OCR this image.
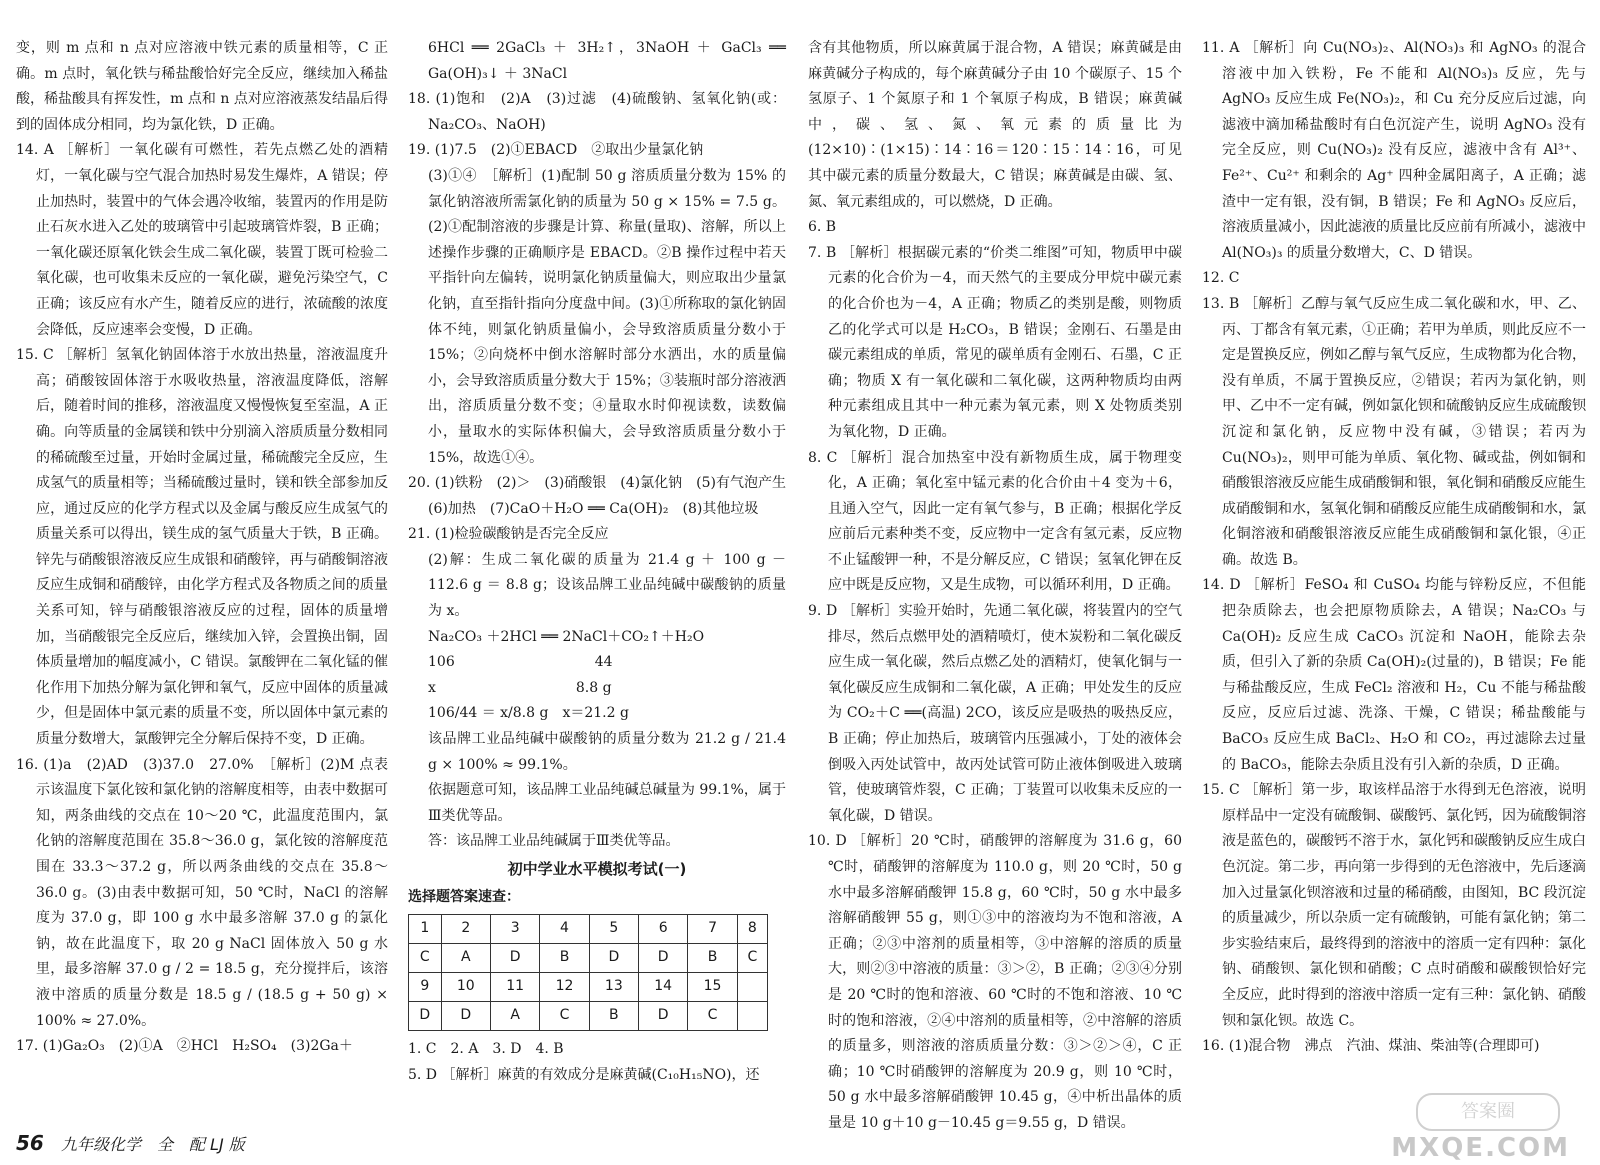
变，则 m 点和 n 点对应溶液中铁元素的质量相等，C 正确。m 点时，氧化铁与稀盐酸恰好完全反应，继续加入稀盐酸，稀盐酸具有挥发性，m 点和 n 点对应溶液蒸发结晶后得到的固体成分相同，均为氯化铁，D 正确。

14. A ［解析］一氧化碳有可燃性，若先点燃乙处的酒精灯，一氧化碳与空气混合加热时易发生爆炸，A 错误；停止加热时，装置中的气体会遇冷收缩，装置丙的作用是防止石灰水进入乙处的玻璃管中引起玻璃管炸裂，B 正确；一氧化碳还原氧化铁会生成二氧化碳，装置丁既可检验二氧化碳，也可收集未反应的一氧化碳，避免污染空气，C 正确；该反应有水产生，随着反应的进行，浓硫酸的浓度会降低，反应速率会变慢，D 正确。

15. C ［解析］氢氧化钠固体溶于水放出热量，溶液温度升高；硝酸铵固体溶于水吸收热量，溶液温度降低，溶解后，随着时间的推移，溶液温度又慢慢恢复至室温，A 正确。向等质量的金属镁和铁中分别滴入溶质质量分数相同的稀硫酸至过量，开始时金属过量，稀硫酸完全反应，生成氢气的质量相等；当稀硫酸过量时，镁和铁全部参加反应，通过反应的化学方程式以及金属与酸反应生成氢气的质量关系可以得出，镁生成的氢气质量大于铁，B 正确。锌先与硝酸银溶液反应生成银和硝酸锌，再与硝酸铜溶液反应生成铜和硝酸锌，由化学方程式及各物质之间的质量关系可知，锌与硝酸银溶液反应的过程，固体的质量增加，当硝酸银完全反应后，继续加入锌，会置换出铜，固体质量增加的幅度减小，C 错误。氯酸钾在二氧化锰的催化作用下加热分解为氯化钾和氧气，反应中固体的质量减少，但是固体中氯元素的质量不变，所以固体中氯元素的质量分数增大，氯酸钾完全分解后保持不变，D 正确。

16. (1)a　(2)AD　(3)37.0　27.0%　［解析］(2)M 点表示该温度下氯化铵和氯化钠的溶解度相等，由表中数据可知，两条曲线的交点在 10～20 ℃，此温度范围内，氯化钠的溶解度范围在 35.8～36.0 g，氯化铵的溶解度范围在 33.3～37.2 g，所以两条曲线的交点在 35.8～36.0 g。(3)由表中数据可知，50 ℃时，NaCl 的溶解度为 37.0 g，即 100 g 水中最多溶解 37.0 g 的氯化钠，故在此温度下，取 20 g NaCl 固体放入 50 g 水里，最多溶解 37.0 g / 2 = 18.5 g，充分搅拌后，该溶液中溶质的质量分数是 18.5 g / (18.5 g + 50 g) × 100% ≈ 27.0%。

17. (1)Ga₂O₃　(2)①A　②HCl　H₂SO₄　(3)2Ga＋

6HCl ══ 2GaCl₃ ＋ 3H₂↑，3NaOH ＋ GaCl₃ ══ Ga(OH)₃↓ ＋ 3NaCl

18. (1)饱和　(2)A　(3)过滤　(4)硫酸钠、氢氧化钠(或：Na₂CO₃、NaOH)

19. (1)7.5　(2)①EBACD　②取出少量氯化钠

(3)①④　［解析］(1)配制 50 g 溶质质量分数为 15% 的氯化钠溶液所需氯化钠的质量为 50 g × 15% = 7.5 g。(2)①配制溶液的步骤是计算、称量(量取)、溶解，所以上述操作步骤的正确顺序是 EBACD。②B 操作过程中若天平指针向左偏转，说明氯化钠质量偏大，则应取出少量氯化钠，直至指针指向分度盘中间。(3)①所称取的氯化钠固体不纯，则氯化钠质量偏小，会导致溶质质量分数小于 15%；②向烧杯中倒水溶解时部分水洒出，水的质量偏小，会导致溶质质量分数大于 15%；③装瓶时部分溶液洒出，溶质质量分数不变；④量取水时仰视读数，读数偏小，量取水的实际体积偏大，会导致溶质质量分数小于 15%，故选①④。

20. (1)铁粉　(2)＞　(3)硝酸银　(4)氯化钠　(5)有气泡产生　(6)加热　(7)CaO＋H₂O ══ Ca(OH)₂　(8)其他垃圾

21. (1)检验碳酸钠是否完全反应

(2)解：生成二氧化碳的质量为 21.4 g ＋ 100 g － 112.6 g ＝ 8.8 g；设该品牌工业品纯碱中碳酸钠的质量为 x。

Na₂CO₃ ＋2HCl ══ 2NaCl＋CO₂↑＋H₂O

106　　　　　　　　　　44

x　　　　　　　　　　8.8 g

106/44 ＝ x/8.8 g　x＝21.2 g

该品牌工业品纯碱中碳酸钠的质量分数为 21.2 g / 21.4 g × 100% ≈ 99.1%。

依据题意可知，该品牌工业品纯碱总碱量为 99.1%，属于Ⅲ类优等品。

答：该品牌工业品纯碱属于Ⅲ类优等品。

初中学业水平模拟考试(一)

选择题答案速查：

1	2	3	4	5	6	7	8
C	A	D	B	D	D	B	C
9	10	11	12	13	14	15	
D	D	A	C	B	D	C	

1. C　2. A　3. D　4. B

5. D ［解析］麻黄的有效成分是麻黄碱(C₁₀H₁₅NO)，还

含有其他物质，所以麻黄属于混合物，A 错误；麻黄碱是由麻黄碱分子构成的，每个麻黄碱分子由 10 个碳原子、15 个氢原子、1 个氮原子和 1 个氧原子构成，B 错误；麻黄碱中，碳、氢、氮、氧元素的质量比为(12×10)∶(1×15)∶14∶16＝120∶15∶14∶16，可见其中碳元素的质量分数最大，C 错误；麻黄碱是由碳、氢、氮、氧元素组成的，可以燃烧，D 正确。

6. B

7. B ［解析］根据碳元素的“价类二维图”可知，物质甲中碳元素的化合价为－4，而天然气的主要成分甲烷中碳元素的化合价也为－4，A 正确；物质乙的类别是酸，则物质乙的化学式可以是 H₂CO₃，B 错误；金刚石、石墨是由碳元素组成的单质，常见的碳单质有金刚石、石墨，C 正确；物质 X 有一氧化碳和二氧化碳，这两种物质均由两种元素组成且其中一种元素为氧元素，则 X 处物质类别为氧化物，D 正确。

8. C ［解析］混合加热室中没有新物质生成，属于物理变化，A 正确；氧化室中锰元素的化合价由＋4 变为＋6，且通入空气，因此一定有氧气参与，B 正确；根据化学反应前后元素种类不变，反应物中一定含有氢元素，反应物不止锰酸钾一种，不是分解反应，C 错误；氢氧化钾在反应中既是反应物，又是生成物，可以循环利用，D 正确。

9. D ［解析］实验开始时，先通二氧化碳，将装置内的空气排尽，然后点燃甲处的酒精喷灯，使木炭粉和二氧化碳反应生成一氧化碳，然后点燃乙处的酒精灯，使氧化铜与一氧化碳反应生成铜和二氧化碳，A 正确；甲处发生的反应为 CO₂＋C ══(高温) 2CO，该反应是吸热的吸热反应，B 正确；停止加热后，玻璃管内压强减小，丁处的液体会倒吸入丙处试管中，故丙处试管可防止液体倒吸进入玻璃管，使玻璃管炸裂，C 正确；丁装置可以收集未反应的一氧化碳，D 错误。

10. D ［解析］20 ℃时，硝酸钾的溶解度为 31.6 g，60 ℃时，硝酸钾的溶解度为 110.0 g，则 20 ℃时，50 g 水中最多溶解硝酸钾 15.8 g，60 ℃时，50 g 水中最多溶解硝酸钾 55 g，则①③中的溶液均为不饱和溶液，A 正确；②③中溶剂的质量相等，③中溶解的溶质的质量大，则②③中溶液的质量：③＞②，B 正确；②③④分别是 20 ℃时的饱和溶液、60 ℃时的不饱和溶液、10 ℃时的饱和溶液，②④中溶剂的质量相等，②中溶解的溶质的质量多，则溶液的溶质质量分数：③＞②＞④，C 正确；10 ℃时硝酸钾的溶解度为 20.9 g，则 10 ℃时，50 g 水中最多溶解硝酸钾 10.45 g，④中析出晶体的质量是 10 g＋10 g－10.45 g＝9.55 g，D 错误。

11. A ［解析］向 Cu(NO₃)₂、Al(NO₃)₃ 和 AgNO₃ 的混合溶液中加入铁粉，Fe 不能和 Al(NO₃)₃ 反应，先与 AgNO₃ 反应生成 Fe(NO₃)₂，和 Cu 充分反应后过滤，向滤液中滴加稀盐酸时有白色沉淀产生，说明 AgNO₃ 没有完全反应，则 Cu(NO₃)₂ 没有反应，滤液中含有 Al³⁺、Fe²⁺、Cu²⁺ 和剩余的 Ag⁺ 四种金属阳离子，A 正确；滤渣中一定有银，没有铜，B 错误；Fe 和 AgNO₃ 反应后，溶液质量减小，因此滤液的质量比反应前有所减小，滤液中 Al(NO₃)₃ 的质量分数增大，C、D 错误。

12. C

13. B ［解析］乙醇与氧气反应生成二氧化碳和水，甲、乙、丙、丁都含有氧元素，①正确；若甲为单质，则此反应不一定是置换反应，例如乙醇与氧气反应，生成物都为化合物，没有单质，不属于置换反应，②错误；若丙为氯化钠，则甲、乙中不一定有碱，例如氯化钡和硫酸钠反应生成硫酸钡沉淀和氯化钠，反应物中没有碱，③错误；若丙为 Cu(NO₃)₂，则甲可能为单质、氧化物、碱或盐，例如铜和硝酸银溶液反应能生成硝酸铜和银，氧化铜和硝酸反应能生成硝酸铜和水，氢氧化铜和硝酸反应能生成硝酸铜和水，氯化铜溶液和硝酸银溶液反应能生成硝酸铜和氯化银，④正确。故选 B。

14. D ［解析］FeSO₄ 和 CuSO₄ 均能与锌粉反应，不但能把杂质除去，也会把原物质除去，A 错误；Na₂CO₃ 与 Ca(OH)₂ 反应生成 CaCO₃ 沉淀和 NaOH，能除去杂质，但引入了新的杂质 Ca(OH)₂(过量的)，B 错误；Fe 能与稀盐酸反应，生成 FeCl₂ 溶液和 H₂，Cu 不能与稀盐酸反应，反应后过滤、洗涤、干燥，C 错误；稀盐酸能与 BaCO₃ 反应生成 BaCl₂、H₂O 和 CO₂，再过滤除去过量的 BaCO₃，能除去杂质且没有引入新的杂质，D 正确。

15. C ［解析］第一步，取该样品溶于水得到无色溶液，说明原样品中一定没有硫酸铜、碳酸钙、氯化钙，因为硫酸铜溶液是蓝色的，碳酸钙不溶于水，氯化钙和碳酸钠反应生成白色沉淀。第二步，再向第一步得到的无色溶液中，先后逐滴加入过量氯化钡溶液和过量的稀硝酸，由图知，BC 段沉淀的质量减少，所以杂质一定有硫酸钠，可能有氯化钠；第二步实验结束后，最终得到的溶液中的溶质一定有四种：氯化钠、硝酸钡、氯化钡和硝酸；C 点时硝酸和碳酸钡恰好完全反应，此时得到的溶液中溶质一定有三种：氯化钠、硝酸钡和氯化钡。故选 C。

16. (1)混合物　沸点　汽油、煤油、柴油等(合理即可)

56 九年级化学　全　配 LJ 版
答案圈
MXQE.COM
